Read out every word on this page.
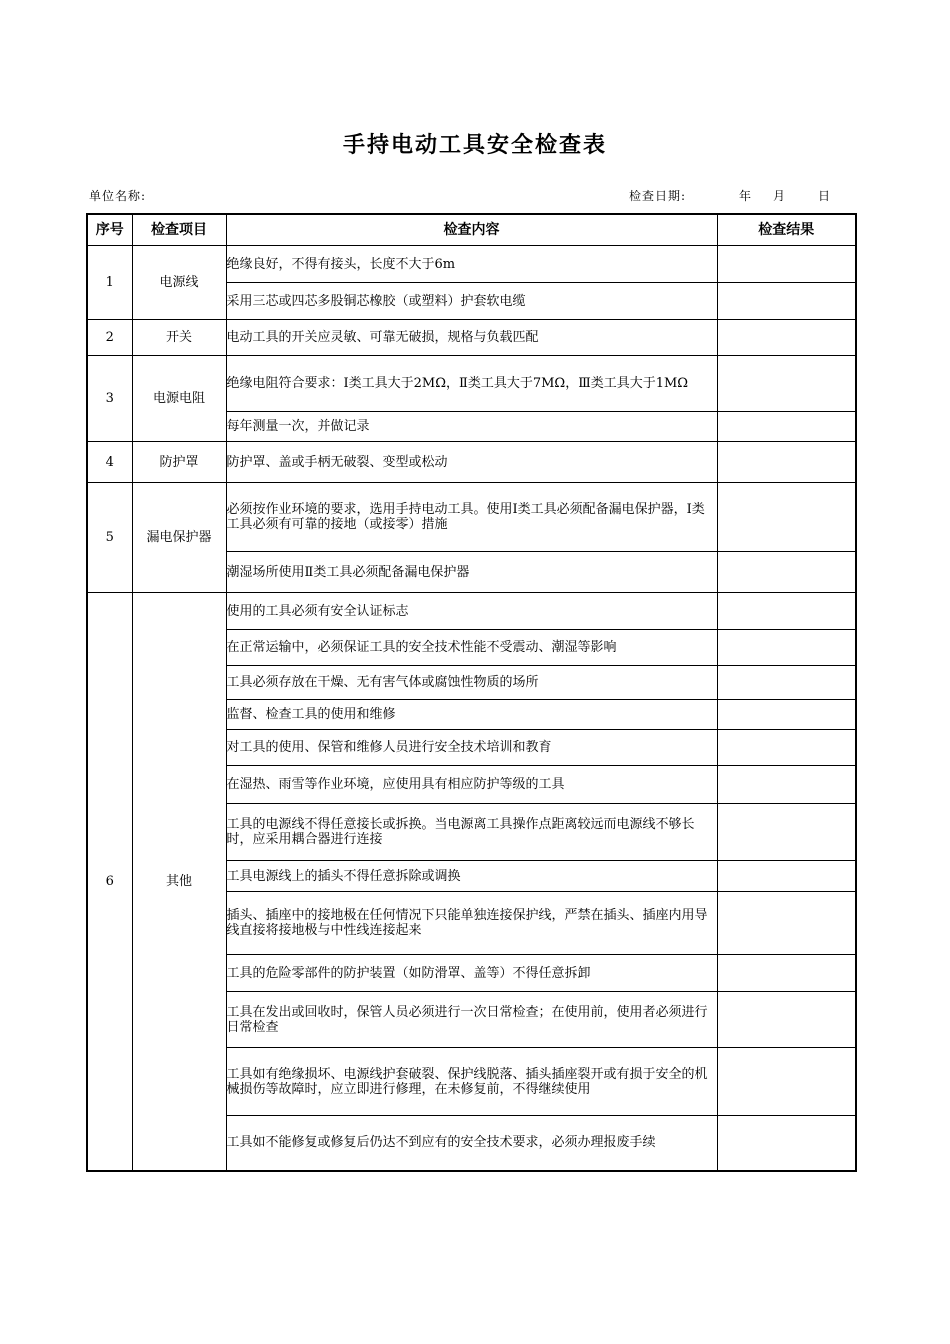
手持电动工具安全检查表
单位名称:	检查日期:	年 月	日
序号	检查项目	检查内容	检查结果
1	电源线	绝缘良好，不得有接头，长度不大于6m	
		采用三芯或四芯多股铜芯橡胶（或塑料）护套软电缆	
2	开关	电动工具的开关应灵敏、可靠无破损，规格与负载匹配	
3	电源电阻	绝缘电阻符合要求：Ⅰ类工具大于2MΩ，Ⅱ类工具大于7MΩ，Ⅲ类工具大于1MΩ	
		每年测量一次，并做记录	
4	防护罩	防护罩、盖或手柄无破裂、变型或松动	
5	漏电保护器	必须按作业环境的要求，选用手持电动工具。使用Ⅰ类工具必须配备漏电保护器，Ⅰ类工具必须有可靠的接地（或接零）措施	
		潮湿场所使用Ⅱ类工具必须配备漏电保护器	
6	其他	使用的工具必须有安全认证标志	
		在正常运输中，必须保证工具的安全技术性能不受震动、潮湿等影响	
		工具必须存放在干燥、无有害气体或腐蚀性物质的场所	
		监督、检查工具的使用和维修	
		对工具的使用、保管和维修人员进行安全技术培训和教育	
		在湿热、雨雪等作业环境，应使用具有相应防护等级的工具	
		工具的电源线不得任意接长或拆换。当电源离工具操作点距离较远而电源线不够长时，应采用耦合器进行连接	
		工具电源线上的插头不得任意拆除或调换	
		插头、插座中的接地极在任何情况下只能单独连接保护线，严禁在插头、插座内用导线直接将接地极与中性线连接起来	
		工具的危险零部件的防护装置（如防滑罩、盖等）不得任意拆卸	
		工具在发出或回收时，保管人员必须进行一次日常检查；在使用前，使用者必须进行日常检查	
		工具如有绝缘损坏、电源线护套破裂、保护线脱落、插头插座裂开或有损于安全的机械损伤等故障时，应立即进行修理，在未修复前，不得继续使用	
		工具如不能修复或修复后仍达不到应有的安全技术要求，必须办理报废手续	
